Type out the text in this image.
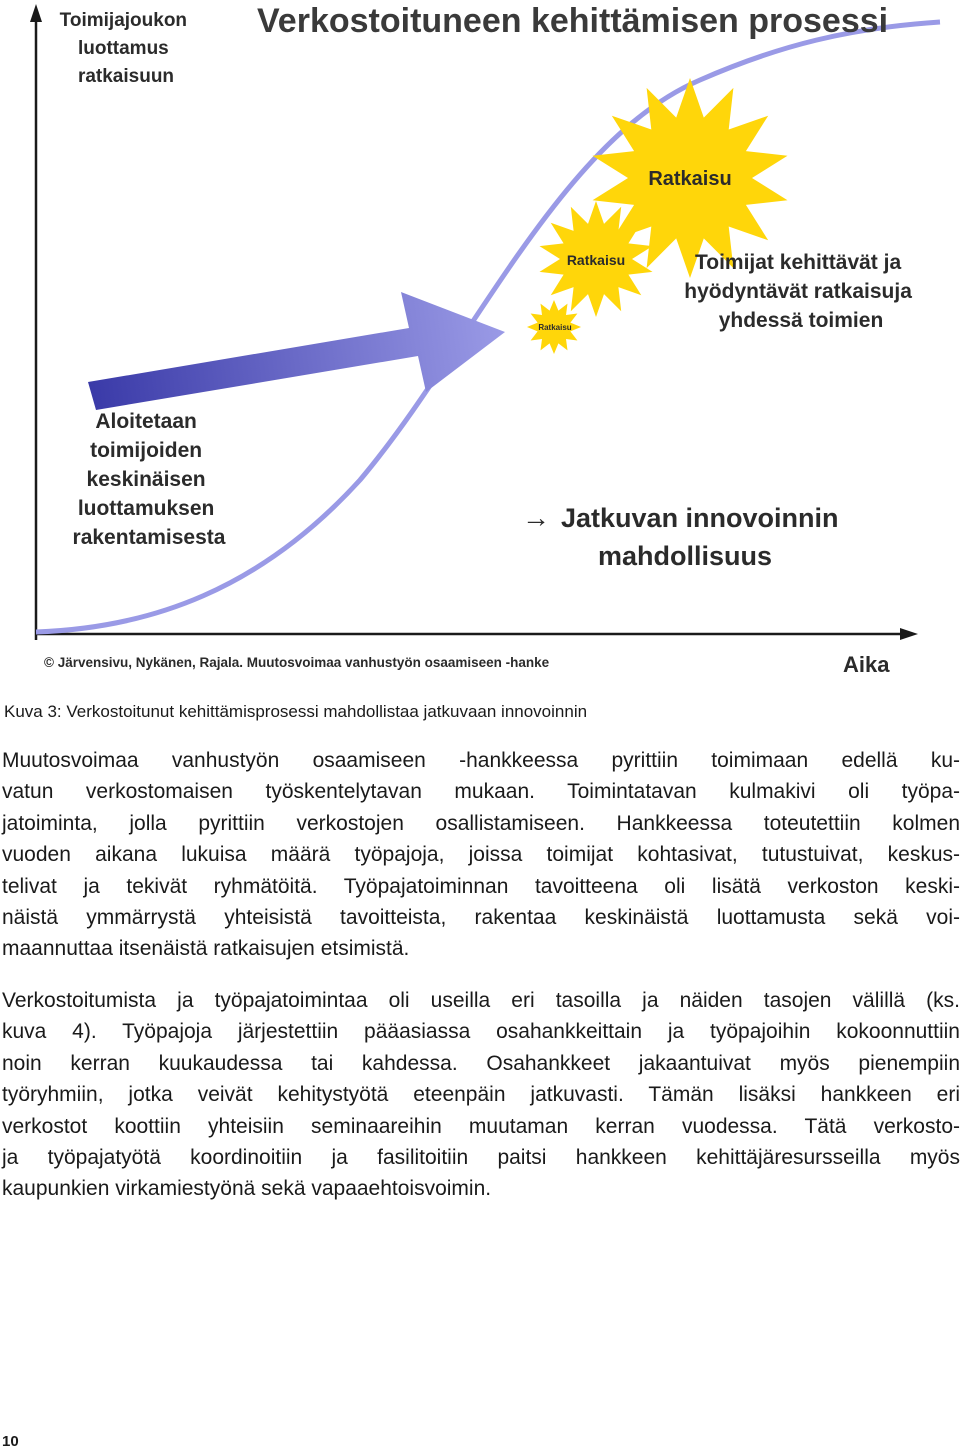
Ratkaisu
Ratkaisu
Ratkaisu
Verkostoituneen kehittämisen prosessi
Toimijajoukon luottamus ratkaisuun
Aloitetaan toimijoiden keskinäisen luottamuksen rakentamisesta
Toimijat kehittävät ja hyödyntävät ratkaisuja yhdessä toimien
→ Jatkuvan innovoinnin mahdollisuus
Aika
© Järvensivu, Nykänen, Rajala. Muutosvoimaa vanhustyön osaamiseen -hanke
Kuva 3: Verkostoitunut kehittämisprosessi mahdollistaa jatkuvaan innovoinnin
Muutosvoimaa vanhustyön osaamiseen -hankkeessa pyrittiin toimimaan edellä ku-
vatun verkostomaisen työskentelytavan mukaan. Toimintatavan kulmakivi oli työpa-
jatoiminta, jolla pyrittiin verkostojen osallistamiseen. Hankkeessa toteutettiin kolmen
vuoden aikana lukuisa määrä työpajoja, joissa toimijat kohtasivat, tutustuivat, keskus-
telivat ja tekivät ryhmätöitä. Työpajatoiminnan tavoitteena oli lisätä verkoston keski-
näistä ymmärrystä yhteisistä tavoitteista, rakentaa keskinäistä luottamusta sekä voi-
maannuttaa itsenäistä ratkaisujen etsimistä.
Verkostoitumista ja työpajatoimintaa oli useilla eri tasoilla ja näiden tasojen välillä (ks.
kuva 4). Työpajoja järjestettiin pääasiassa osahankkeittain ja työpajoihin kokoonnuttiin
noin kerran kuukaudessa tai kahdessa. Osahankkeet jakaantuivat myös pienempiin
työryhmiin, jotka veivät kehitystyötä eteenpäin jatkuvasti. Tämän lisäksi hankkeen eri
verkostot koottiin yhteisiin seminaareihin muutaman kerran vuodessa. Tätä verkosto-
ja työpajatyötä koordinoitiin ja fasilitoitiin paitsi hankkeen kehittäjäresursseilla myös
kaupunkien virkamiestyönä sekä vapaaehtoisvoimin.
10
